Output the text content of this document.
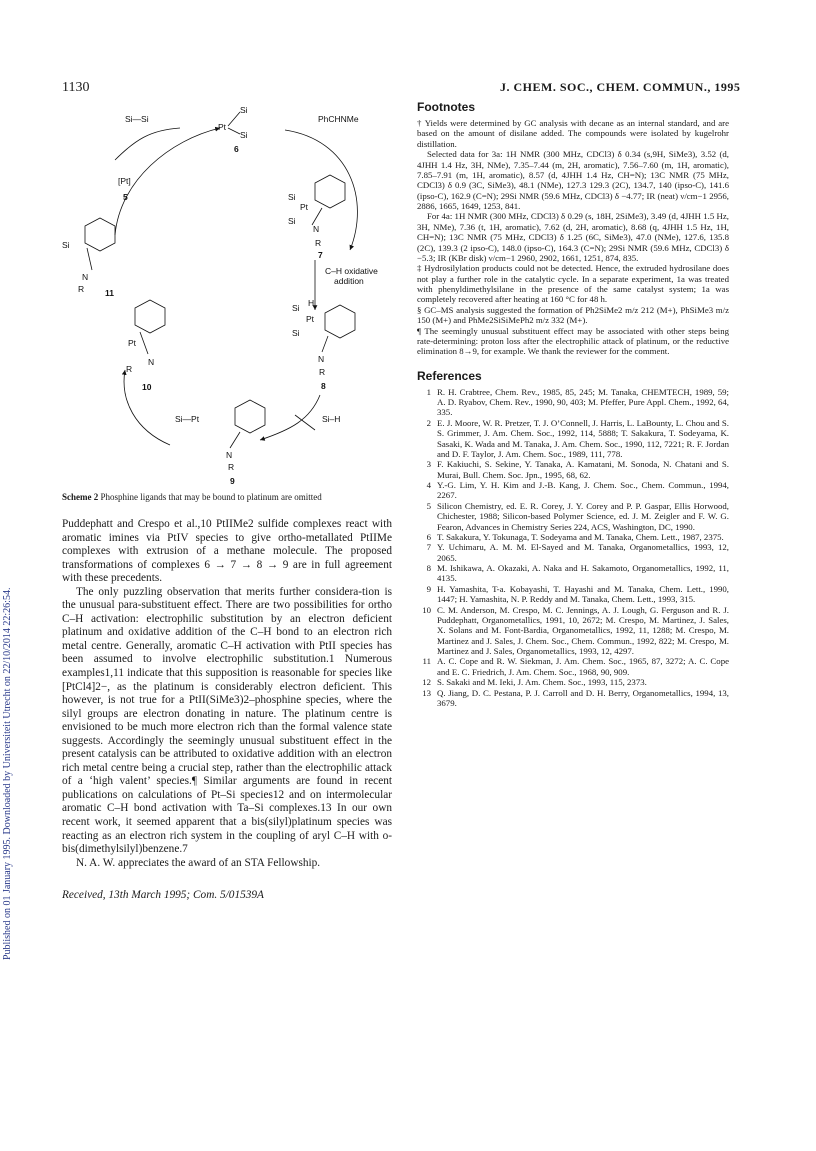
1130	J. CHEM. SOC., CHEM. COMMUN., 1995
Published on 01 January 1995. Downloaded by Universiteit Utrecht on 22/10/2014 22:26:54.
Si—Si
Pt
Si
Si
6
PhCHNMe
[Pt]
5	Si
Pt
Si
N
R
7
C–H oxidative
addition
Si H
Pt
Si
N
R
8
Si—Pt	Si–H
N
R
9
Pt
N
R
10
Si
N
R 11
Scheme 2 Phosphine ligands that may be bound to platinum are omitted

Puddephatt and Crespo et al.,10 PtIIMe2 sulfide complexes react with aromatic imines via PtIV species to give ortho-metallated PtIIMe complexes with extrusion of a methane molecule. The proposed transformations of complexes 6 → 7 → 8 → 9 are in full agreement with these precedents.

The only puzzling observation that merits further considera-tion is the unusual para-substituent effect. There are two possibilities for ortho C–H activation: electrophilic substitution by an electron deficient platinum and oxidative addition of the C–H bond to an electron rich metal centre. Generally, aromatic C–H activation with PtII species has been assumed to involve electrophilic substitution.1 Numerous examples1,11 indicate that this supposition is reasonable for species like [PtCl4]2−, as the platinum is considerably electron deficient. This however, is not true for a PtII(SiMe3)2–phosphine species, where the silyl groups are electron donating in nature. The platinum centre is envisioned to be much more electron rich than the formal valence state suggests. Accordingly the seemingly unusual substituent effect in the present catalysis can be attributed to oxidative addition with an electron rich metal centre being a crucial step, rather than the electrophilic attack of a ‘high valent’ species.¶ Similar arguments are found in recent publications on calculations of Pt–Si species12 and on intermolecular aromatic C–H bond activation with Ta–Si complexes.13 In our own recent work, it seemed apparent that a bis(silyl)platinum species was reacting as an electron rich system in the coupling of aryl C–H with o-bis(dimethylsilyl)benzene.7

N. A. W. appreciates the award of an STA Fellowship.

Received, 13th March 1995; Com. 5/01539A
Footnotes

† Yields were determined by GC analysis with decane as an internal standard, and are based on the amount of disilane added. The compounds were isolated by kugelrohr distillation.

Selected data for 3a: 1H NMR (300 MHz, CDCl3) δ 0.34 (s,9H, SiMe3), 3.52 (d, 4JHH 1.4 Hz, 3H, NMe), 7.35–7.44 (m, 2H, aromatic), 7.56–7.60 (m, 1H, aromatic), 7.85–7.91 (m, 1H, aromatic), 8.57 (d, 4JHH 1.4 Hz, CH=N); 13C NMR (75 MHz, CDCl3) δ 0.9 (3C, SiMe3), 48.1 (NMe), 127.3 129.3 (2C), 134.7, 140 (ipso-C), 141.6 (ipso-C), 162.9 (C=N); 29Si NMR (59.6 MHz, CDCl3) δ −4.77; IR (neat) ν/cm−1 2956, 2886, 1665, 1649, 1253, 841.

For 4a: 1H NMR (300 MHz, CDCl3) δ 0.29 (s, 18H, 2SiMe3), 3.49 (d, 4JHH 1.5 Hz, 3H, NMe), 7.36 (t, 1H, aromatic), 7.62 (d, 2H, aromatic), 8.68 (q, 4JHH 1.5 Hz, 1H, CH=N); 13C NMR (75 MHz, CDCl3) δ 1.25 (6C, SiMe3), 47.0 (NMe), 127.6, 135.8 (2C), 139.3 (2 ipso-C), 148.0 (ipso-C), 164.3 (C=N); 29Si NMR (59.6 MHz, CDCl3) δ −5.3; IR (KBr disk) ν/cm−1 2960, 2902, 1661, 1251, 874, 835.

‡ Hydrosilylation products could not be detected. Hence, the extruded hydrosilane does not play a further role in the catalytic cycle. In a separate experiment, 1a was treated with phenyldimethylsilane in the presence of the same catalyst system; 1a was completely recovered after heating at 160 °C for 48 h.

§ GC–MS analysis suggested the formation of Ph2SiMe2 m/z 212 (M+), PhSiMe3 m/z 150 (M+) and PhMe2SiSiMePh2 m/z 332 (M+).

¶ The seemingly unusual substituent effect may be associated with other steps being rate-determining: proton loss after the electrophilic attack of platinum, or the reductive elimination 8→9, for example. We thank the reviewer for the comment.

References
1 R. H. Crabtree, Chem. Rev., 1985, 85, 245; M. Tanaka, CHEMTECH, 1989, 59; A. D. Ryabov, Chem. Rev., 1990, 90, 403; M. Pfeffer, Pure Appl. Chem., 1992, 64, 335.
2 E. J. Moore, W. R. Pretzer, T. J. O’Connell, J. Harris, L. LaBounty, L. Chou and S. S. Grimmer, J. Am. Chem. Soc., 1992, 114, 5888; T. Sakakura, T. Sodeyama, K. Sasaki, K. Wada and M. Tanaka, J. Am. Chem. Soc., 1990, 112, 7221; R. F. Jordan and D. F. Taylor, J. Am. Chem. Soc., 1989, 111, 778.
3 F. Kakiuchi, S. Sekine, Y. Tanaka, A. Kamatani, M. Sonoda, N. Chatani and S. Murai, Bull. Chem. Soc. Jpn., 1995, 68, 62.
4 Y.-G. Lim, Y. H. Kim and J.-B. Kang, J. Chem. Soc., Chem. Commun., 1994, 2267.
5 Silicon Chemistry, ed. E. R. Corey, J. Y. Corey and P. P. Gaspar, Ellis Horwood, Chichester, 1988; Silicon-based Polymer Science, ed. J. M. Zeigler and F. W. G. Fearon, Advances in Chemistry Series 224, ACS, Washington, DC, 1990.
6 T. Sakakura, Y. Tokunaga, T. Sodeyama and M. Tanaka, Chem. Lett., 1987, 2375.
7 Y. Uchimaru, A. M. M. El-Sayed and M. Tanaka, Organometallics, 1993, 12, 2065.
8 M. Ishikawa, A. Okazaki, A. Naka and H. Sakamoto, Organometallics, 1992, 11, 4135.
9 H. Yamashita, T-a. Kobayashi, T. Hayashi and M. Tanaka, Chem. Lett., 1990, 1447; H. Yamashita, N. P. Reddy and M. Tanaka, Chem. Lett., 1993, 315.
10 C. M. Anderson, M. Crespo, M. C. Jennings, A. J. Lough, G. Ferguson and R. J. Puddephatt, Organometallics, 1991, 10, 2672; M. Crespo, M. Martinez, J. Sales, X. Solans and M. Font-Bardia, Organometallics, 1992, 11, 1288; M. Crespo, M. Martinez and J. Sales, J. Chem. Soc., Chem. Commun., 1992, 822; M. Crespo, M. Martinez and J. Sales, Organometallics, 1993, 12, 4297.
11 A. C. Cope and R. W. Siekman, J. Am. Chem. Soc., 1965, 87, 3272; A. C. Cope and E. C. Friedrich, J. Am. Chem. Soc., 1968, 90, 909.
12 S. Sakaki and M. Ieki, J. Am. Chem. Soc., 1993, 115, 2373.
13 Q. Jiang, D. C. Pestana, P. J. Carroll and D. H. Berry, Organometallics, 1994, 13, 3679.
